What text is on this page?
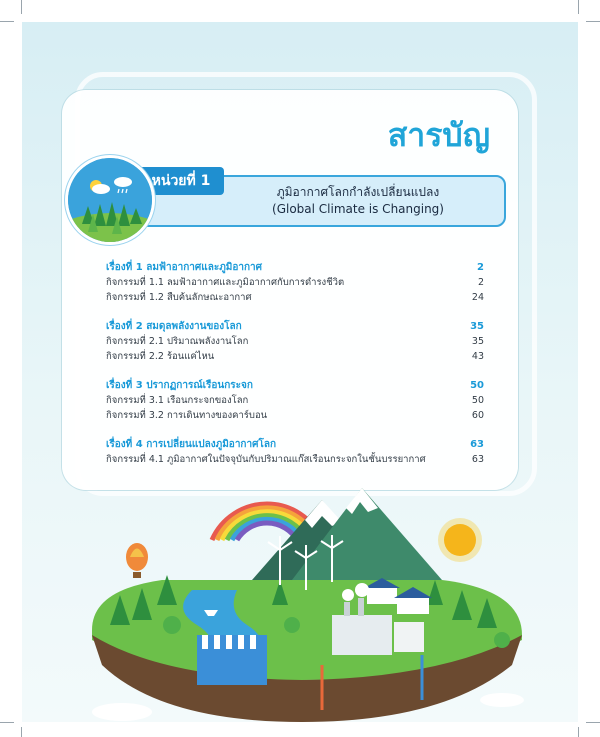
สารบัญ
หน่วยที่ 1
ภูมิอากาศโลกกำลังเปลี่ยนแปลง
(Global Climate is Changing)
เรื่องที่ 1 ลมฟ้าอากาศและภูมิอากาศ	2
กิจกรรมที่ 1.1 ลมฟ้าอากาศและภูมิอากาศกับการดำรงชีวิต	2
กิจกรรมที่ 1.2 สืบค้นลักษณะอากาศ	24
เรื่องที่ 2 สมดุลพลังงานของโลก	35
กิจกรรมที่ 2.1 ปริมาณพลังงานโลก	35
กิจกรรมที่ 2.2 ร้อนแค่ไหน	43
เรื่องที่ 3 ปรากฏการณ์เรือนกระจก	50
กิจกรรมที่ 3.1 เรือนกระจกของโลก	50
กิจกรรมที่ 3.2 การเดินทางของคาร์บอน	60
เรื่องที่ 4 การเปลี่ยนแปลงภูมิอากาศโลก	63
กิจกรรมที่ 4.1 ภูมิอากาศในปัจจุบันกับปริมาณแก๊สเรือนกระจกในชั้นบรรยากาศ	63
